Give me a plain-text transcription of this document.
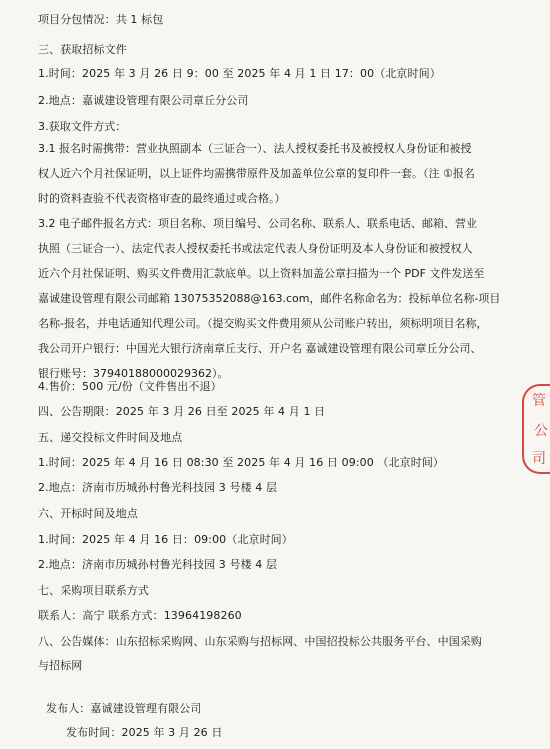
项目分包情况：共 1 标包
三、获取招标文件
1.时间：2025 年 3 月 26 日 9：00 至 2025 年 4 月 1 日 17：00（北京时间）
2.地点：嘉诚建设管理有限公司章丘分公司
3.获取文件方式：
3.1 报名时需携带：营业执照副本（三证合一）、法人授权委托书及被授权人身份证和被授
权人近六个月社保证明，以上证件均需携带原件及加盖单位公章的复印件一套。（注 ①报名
时的资料查验不代表资格审查的最终通过或合格。）
3.2 电子邮件报名方式：项目名称、项目编号、公司名称、联系人、联系电话、邮箱、营业
执照（三证合一）、法定代表人授权委托书或法定代表人身份证明及本人身份证和被授权人
近六个月社保证明、购买文件费用汇款底单。以上资料加盖公章扫描为一个 PDF 文件发送至
嘉诚建设管理有限公司邮箱 13075352088@163.com，邮件名称命名为：投标单位名称-项目
名称-报名，并电话通知代理公司。（提交购买文件费用须从公司账户转出，须标明项目名称，
我公司开户银行：中国光大银行济南章丘支行、开户名 嘉诚建设管理有限公司章丘分公司、
银行账号：37940188000029362）。
4.售价：500 元/份（文件售出不退）
四、公告期限：2025 年 3 月 26 日至 2025 年 4 月 1 日
五、递交投标文件时间及地点
1.时间：2025 年 4 月 16 日 08:30 至 2025 年 4 月 16 日 09:00 （北京时间）
2.地点：济南市历城孙村鲁光科技园 3 号楼 4 层
六、开标时间及地点
1.时间：2025 年 4 月 16 日：09:00（北京时间）
2.地点：济南市历城孙村鲁光科技园 3 号楼 4 层
七、采购项目联系方式
联系人：高宁 联系方式：13964198260
八、公告媒体：山东招标采购网、山东采购与招标网、中国招投标公共服务平台、中国采购
与招标网
发布人：嘉诚建设管理有限公司
发布时间：2025 年 3 月 26 日
管
公
司
